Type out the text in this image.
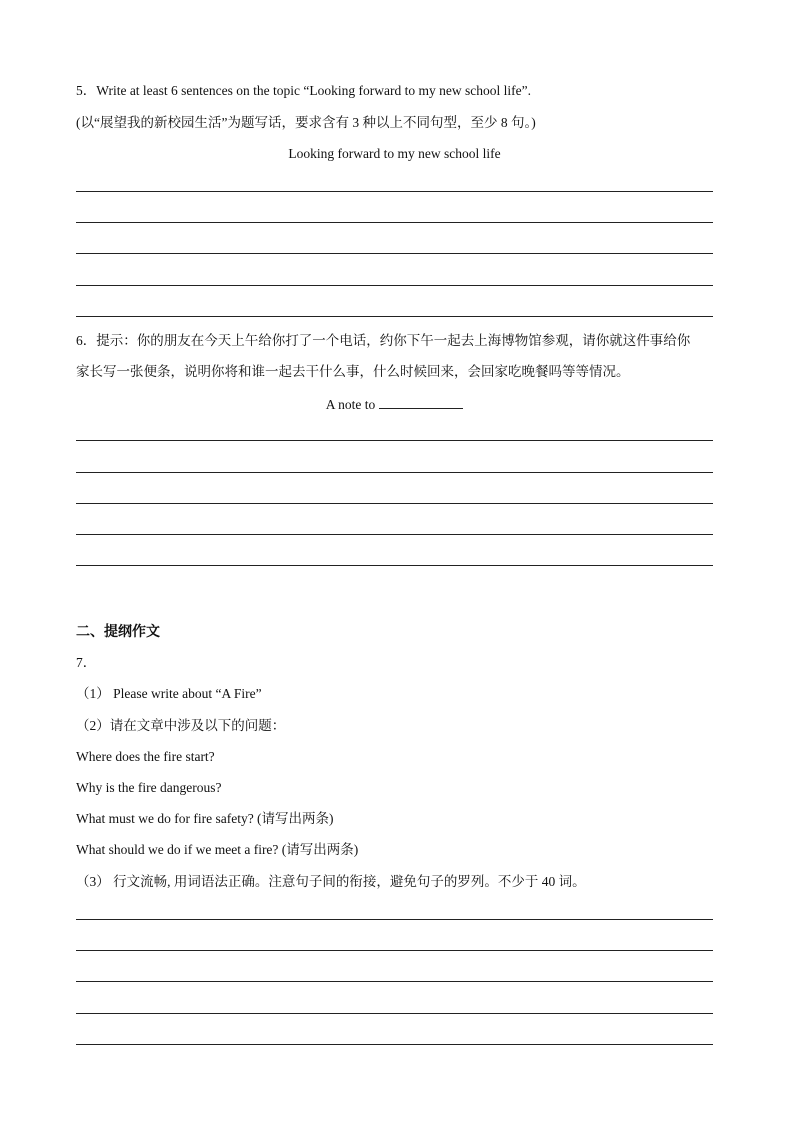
5．Write at least 6 sentences on the topic “Looking forward to my new school life”.
(以“展望我的新校园生活”为题写话，要求含有 3 种以上不同句型，至少 8 句。)
Looking forward to my new school life
6．提示：你的朋友在今天上午给你打了一个电话，约你下午一起去上海博物馆参观，请你就这件事给你
家长写一张便条，说明你将和谁一起去干什么事，什么时候回来，会回家吃晚餐吗等等情况。
A note to
二、提纲作文
7．
（1） Please write about “A Fire”
（2）请在文章中涉及以下的问题：
Where does the fire start?
Why is the fire dangerous?
What must we do for fire safety? (请写出两条)
What should we do if we meet a fire? (请写出两条)
（3） 行文流畅, 用词语法正确。注意句子间的衔接，避免句子的罗列。不少于 40 词。
